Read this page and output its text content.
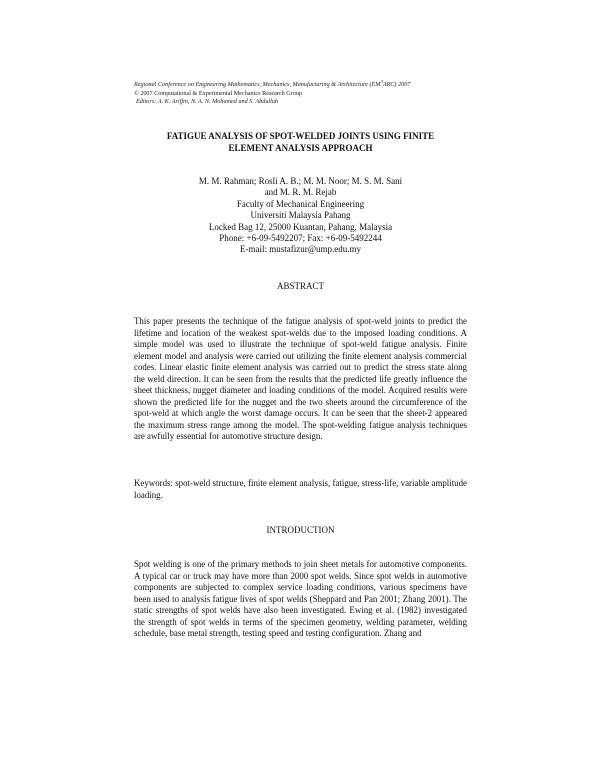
Regional Conference on Engineering Mathematics, Mechanics, Manufacturing & Architecture $(EM^3ARC)$ 2007
© 2007 Computational & Experimental Mechanics Research Group
Editors: A. K. Ariffin, N. A. N. Mohamed and S. Abdullah
FATIGUE ANALYSIS OF SPOT-WELDED JOINTS USING FINITE
ELEMENT ANALYSIS APPROACH
M. M. Rahman; Rosli A. B.; M. M. Noor; M. S. M. Sani
and M. R. M. Rejab
Faculty of Mechanical Engineering
Universiti Malaysia Pahang
Locked Bag 12, 25000 Kuantan, Pahang, Malaysia
Phone: +6-09-5492207; Fax: +6-09-5492244
E-mail: mustafizur@ump.edu.my
ABSTRACT
This paper presents the technique of the fatigue analysis of spot-weld joints to predict the lifetime and location of the weakest spot-welds due to the imposed loading conditions. A simple model was used to illustrate the technique of spot-weld fatigue analysis. Finite element model and analysis were carried out utilizing the finite element analysis commercial codes. Linear elastic finite element analysis was carried out to predict the stress state along the weld direction. It can be seen from the results that the predicted life greatly influence the sheet thickness, nugget diameter and loading conditions of the model. Acquired results were shown the predicted life for the nugget and the two sheets around the circumference of the spot-weld at which angle the worst damage occurs. It can be seen that the sheet-2 appeared the maximum stress range among the model. The spot-welding fatigue analysis techniques are awfully essential for automotive structure design.
Keywords: spot-weld structure, finite element analysis, fatigue, stress-life, variable amplitude loading.
INTRODUCTION
Spot welding is one of the primary methods to join sheet metals for automotive components. A typical car or truck may have more than 2000 spot welds. Since spot welds in automotive components are subjected to complex service loading conditions, various specimens have been used to analysis fatigue lives of spot welds (Sheppard and Pan 2001; Zhang 2001). The static strengths of spot welds have also been investigated. Ewing et al. (1982) investigated the strength of spot welds in terms of the specimen geometry, welding parameter, welding schedule, base metal strength, testing speed and testing configuration. Zhang and
